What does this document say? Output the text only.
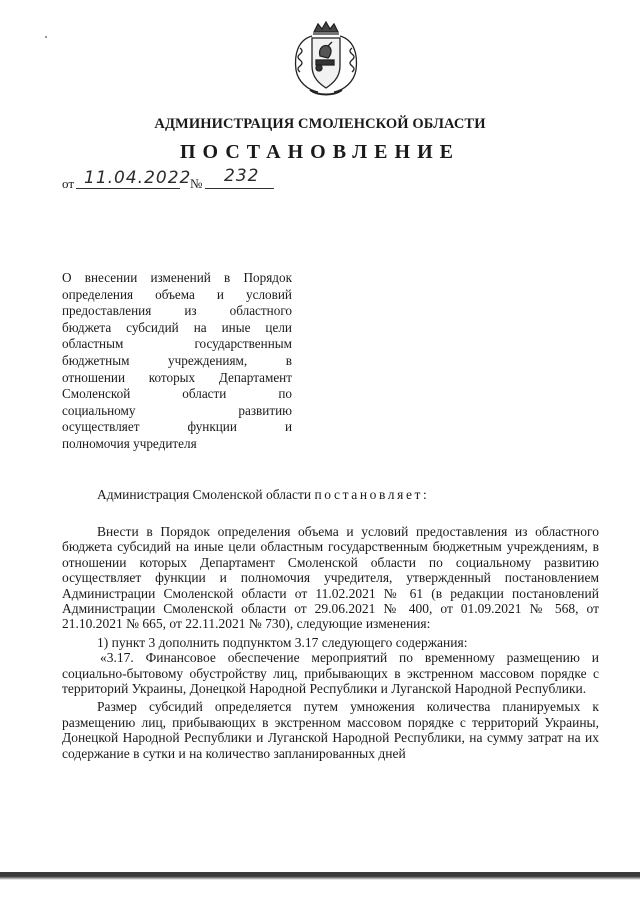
АДМИНИСТРАЦИЯ СМОЛЕНСКОЙ ОБЛАСТИ
ПОСТАНОВЛЕНИЕ
от 11.04.2022
№ 232
О внесении изменений в Порядок
определения объема и условий
предоставления из областного
бюджета субсидий на иные цели
областным государственным
бюджетным учреждениям, в
отношении которых Департамент
Смоленской области по
социальному развитию
осуществляет функции и
полномочия учредителя
Администрация Смоленской области постановляет:

Внести в Порядок определения объема и условий предоставления из областного бюджета субсидий на иные цели областным государственным бюджетным учреждениям, в отношении которых Департамент Смоленской области по социальному развитию осуществляет функции и полномочия учредителя, утвержденный постановлением Администрации Смоленской области от 11.02.2021 № 61 (в редакции постановлений Администрации Смоленской области от 29.06.2021 № 400, от 01.09.2021 № 568, от 21.10.2021 № 665, от 22.11.2021 № 730), следующие изменения:

1) пункт 3 дополнить подпунктом 3.17 следующего содержания:

«3.17. Финансовое обеспечение мероприятий по временному размещению и социально-бытовому обустройству лиц, прибывающих в экстренном массовом порядке с территорий Украины, Донецкой Народной Республики и Луганской Народной Республики.

Размер субсидий определяется путем умножения количества планируемых к размещению лиц, прибывающих в экстренном массовом порядке с территорий Украины, Донецкой Народной Республики и Луганской Народной Республики, на сумму затрат на их содержание в сутки и на количество запланированных дней
